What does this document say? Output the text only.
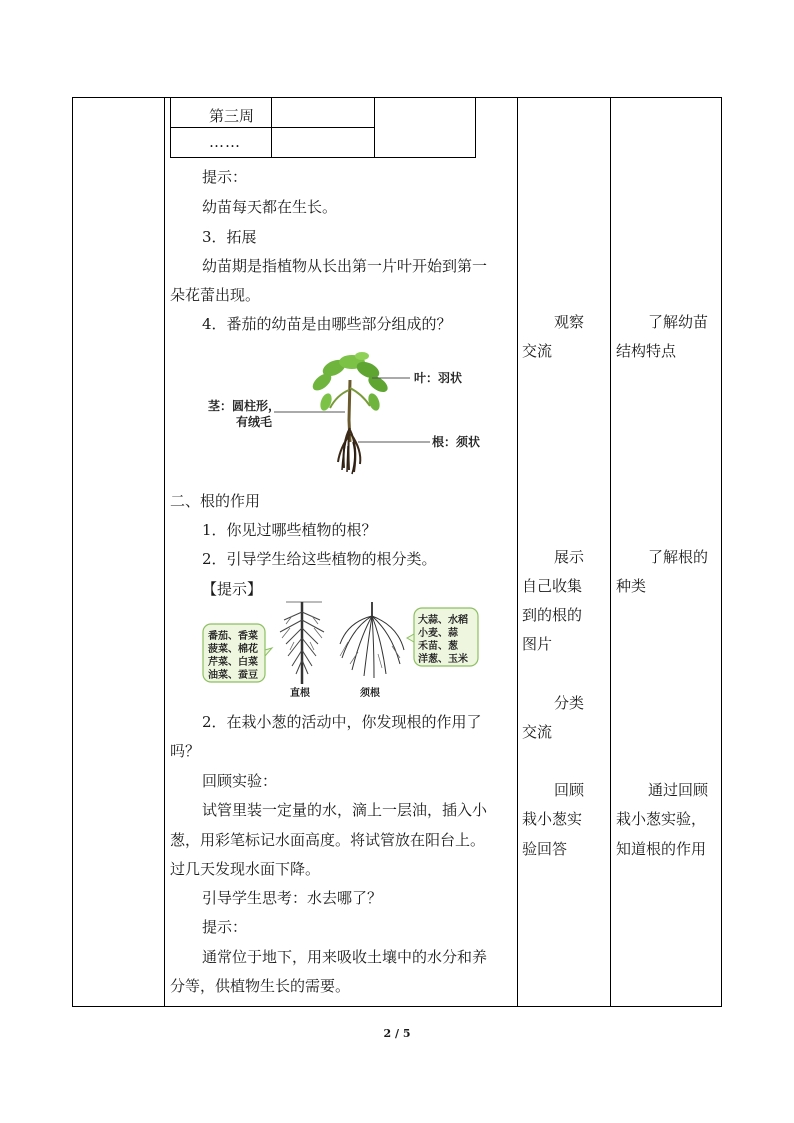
第三周
……
提示：
幼苗每天都在生长。
3．拓展
幼苗期是指植物从长出第一片叶开始到第一
朵花蕾出现。
4．番茄的幼苗是由哪些部分组成的？
叶：羽状
茎：圆柱形，
有绒毛
根：须状
二、根的作用
1．你见过哪些植物的根？
2．引导学生给这些植物的根分类。
【提示】
番茄、香菜
菠菜、棉花
芹菜、白菜
油菜、蚕豆
大蒜、水稻
小麦、蒜
禾苗、葱
洋葱、玉米
直根	须根
2．在栽小葱的活动中，你发现根的作用了
吗？
回顾实验：
试管里装一定量的水，滴上一层油，插入小
葱，用彩笔标记水面高度。将试管放在阳台上。
过几天发现水面下降。
引导学生思考：水去哪了？
提示：
通常位于地下，用来吸收土壤中的水分和养
分等，供植物生长的需要。
观察
交流
展示
自己收集
到的根的
图片
分类
交流
回顾
栽小葱实
验回答
了解幼苗
结构特点
了解根的
种类
通过回顾
栽小葱实验，
知道根的作用
2 / 5
